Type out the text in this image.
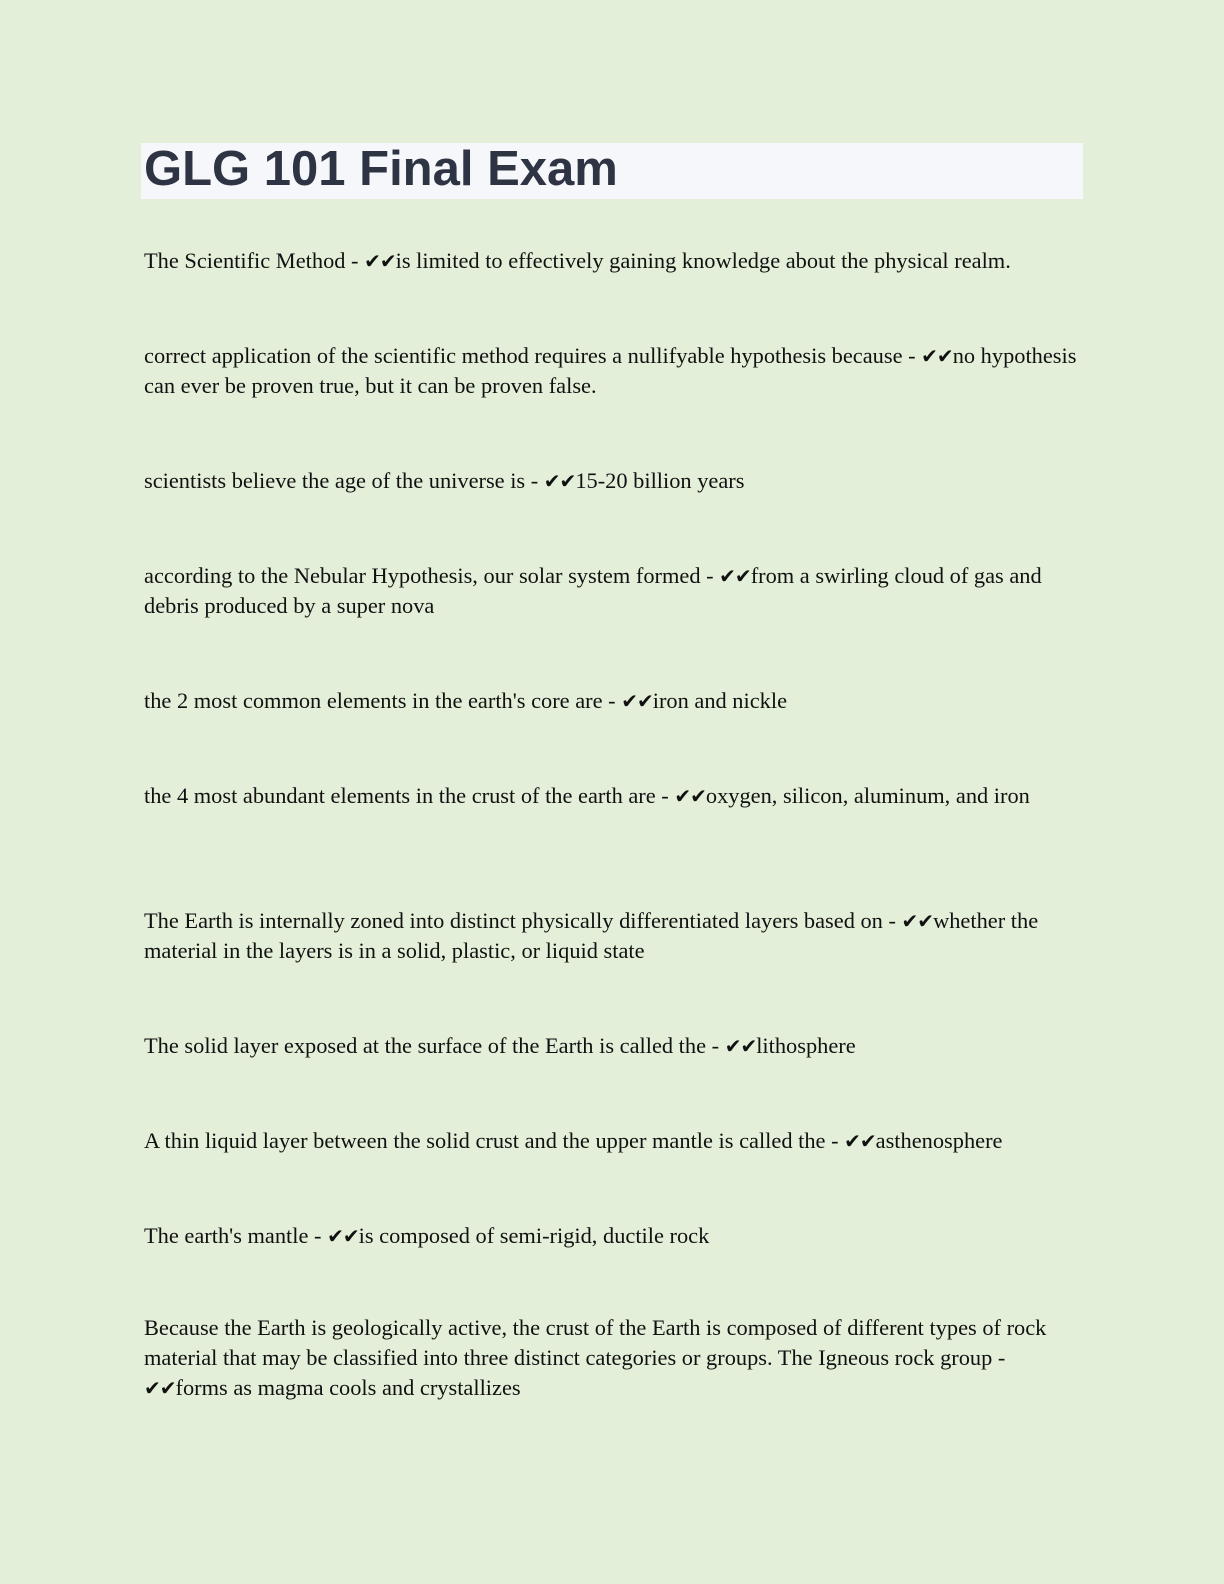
GLG 101 Final Exam

The Scientific Method - ✔✔is limited to effectively gaining knowledge about the physical realm.

correct application of the scientific method requires a nullifyable hypothesis because - ✔✔no hypothesis can ever be proven true, but it can be proven false.

scientists believe the age of the universe is - ✔✔15-20 billion years

according to the Nebular Hypothesis, our solar system formed - ✔✔from a swirling cloud of gas and debris produced by a super nova

the 2 most common elements in the earth's core are - ✔✔iron and nickle

the 4 most abundant elements in the crust of the earth are - ✔✔oxygen, silicon, aluminum, and iron

The Earth is internally zoned into distinct physically differentiated layers based on - ✔✔whether the material in the layers is in a solid, plastic, or liquid state

The solid layer exposed at the surface of the Earth is called the - ✔✔lithosphere

A thin liquid layer between the solid crust and the upper mantle is called the - ✔✔asthenosphere

The earth's mantle - ✔✔is composed of semi-rigid, ductile rock

Because the Earth is geologically active, the crust of the Earth is composed of different types of rock material that may be classified into three distinct categories or groups. The Igneous rock group - ✔✔forms as magma cools and crystallizes
